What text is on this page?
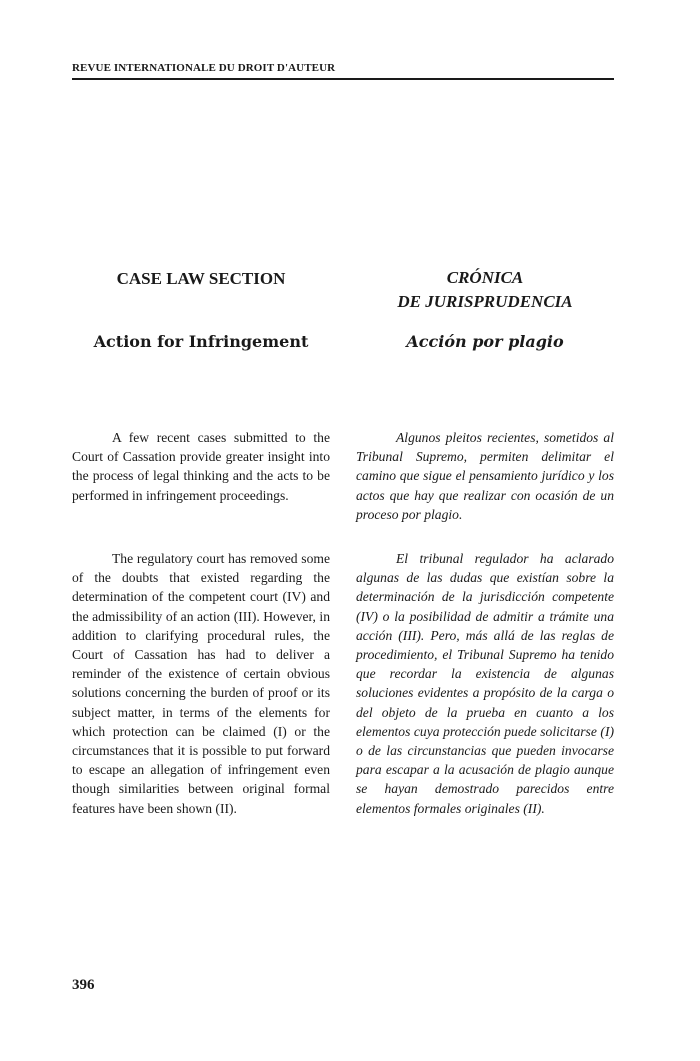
REVUE INTERNATIONALE DU DROIT D'AUTEUR
CASE LAW SECTION
Action for Infringement

A few recent cases submitted to the Court of Cassation provide greater insight into the process of legal thinking and the acts to be performed in infringement proceedings.

The regulatory court has removed some of the doubts that existed regarding the determination of the competent court (IV) and the admissibility of an action (III). However, in addition to clarifying procedural rules, the Court of Cassation has had to deliver a reminder of the existence of certain obvious solutions concerning the burden of proof or its subject matter, in terms of the elements for which protection can be claimed (I) or the circumstances that it is possible to put forward to escape an allegation of infringement even though similarities between original formal features have been shown (II).

CRÓNICA
DE JURISPRUDENCIA
Acción por plagio

Algunos pleitos recientes, sometidos al Tribunal Supremo, permiten delimitar el camino que sigue el pensamiento jurídico y los actos que hay que realizar con ocasión de un proceso por plagio.

El tribunal regulador ha aclarado algunas de las dudas que existían sobre la determinación de la jurisdicción competente (IV) o la posibilidad de admitir a trámite una acción (III). Pero, más allá de las reglas de procedimiento, el Tribunal Supremo ha tenido que recordar la existencia de algunas soluciones evidentes a propósito de la carga o del objeto de la prueba en cuanto a los elementos cuya protección puede solicitarse (I) o de las circunstancias que pueden invocarse para escapar a la acusación de plagio aunque se hayan demostrado parecidos entre elementos formales originales (II).

396
